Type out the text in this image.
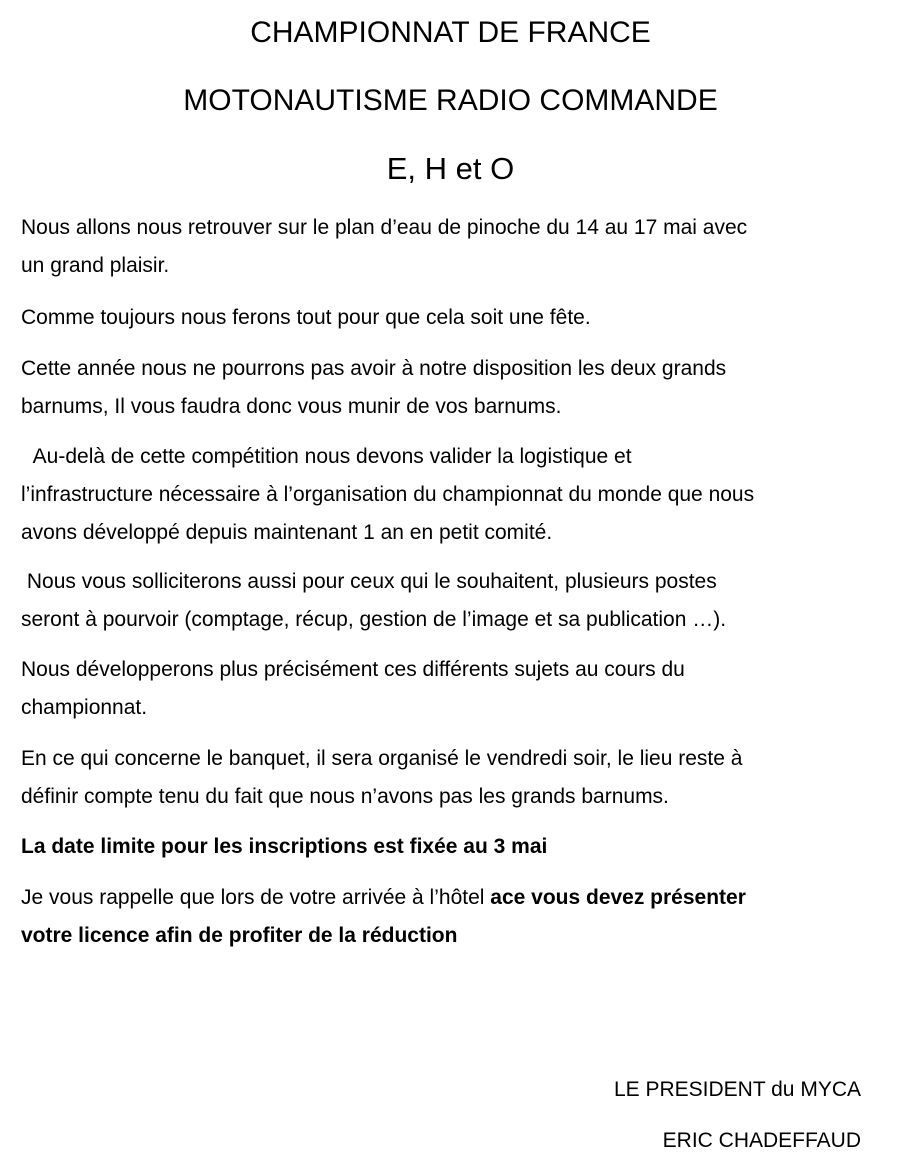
CHAMPIONNAT DE FRANCE
MOTONAUTISME RADIO COMMANDE
E, H et O
Nous allons nous retrouver sur le plan d’eau de pinoche du 14 au 17 mai avec
un grand plaisir.
Comme toujours nous ferons tout pour que cela soit une fête.
Cette année nous ne pourrons pas avoir à notre disposition les deux grands
barnums, Il vous faudra donc vous munir de vos barnums.
Au-delà de cette compétition nous devons valider la logistique et
l’infrastructure nécessaire à l’organisation du championnat du monde que nous
avons développé depuis maintenant 1 an en petit comité.
Nous vous solliciterons aussi pour ceux qui le souhaitent, plusieurs postes
seront à pourvoir (comptage, récup, gestion de l’image et sa publication …).
Nous développerons plus précisément ces différents sujets au cours du
championnat.
En ce qui concerne le banquet, il sera organisé le vendredi soir, le lieu reste à
définir compte tenu du fait que nous n’avons pas les grands barnums.
La date limite pour les inscriptions est fixée au 3 mai
Je vous rappelle que lors de votre arrivée à l’hôtel ace vous devez présenter
votre licence afin de profiter de la réduction
LE PRESIDENT du MYCA
ERIC CHADEFFAUD
